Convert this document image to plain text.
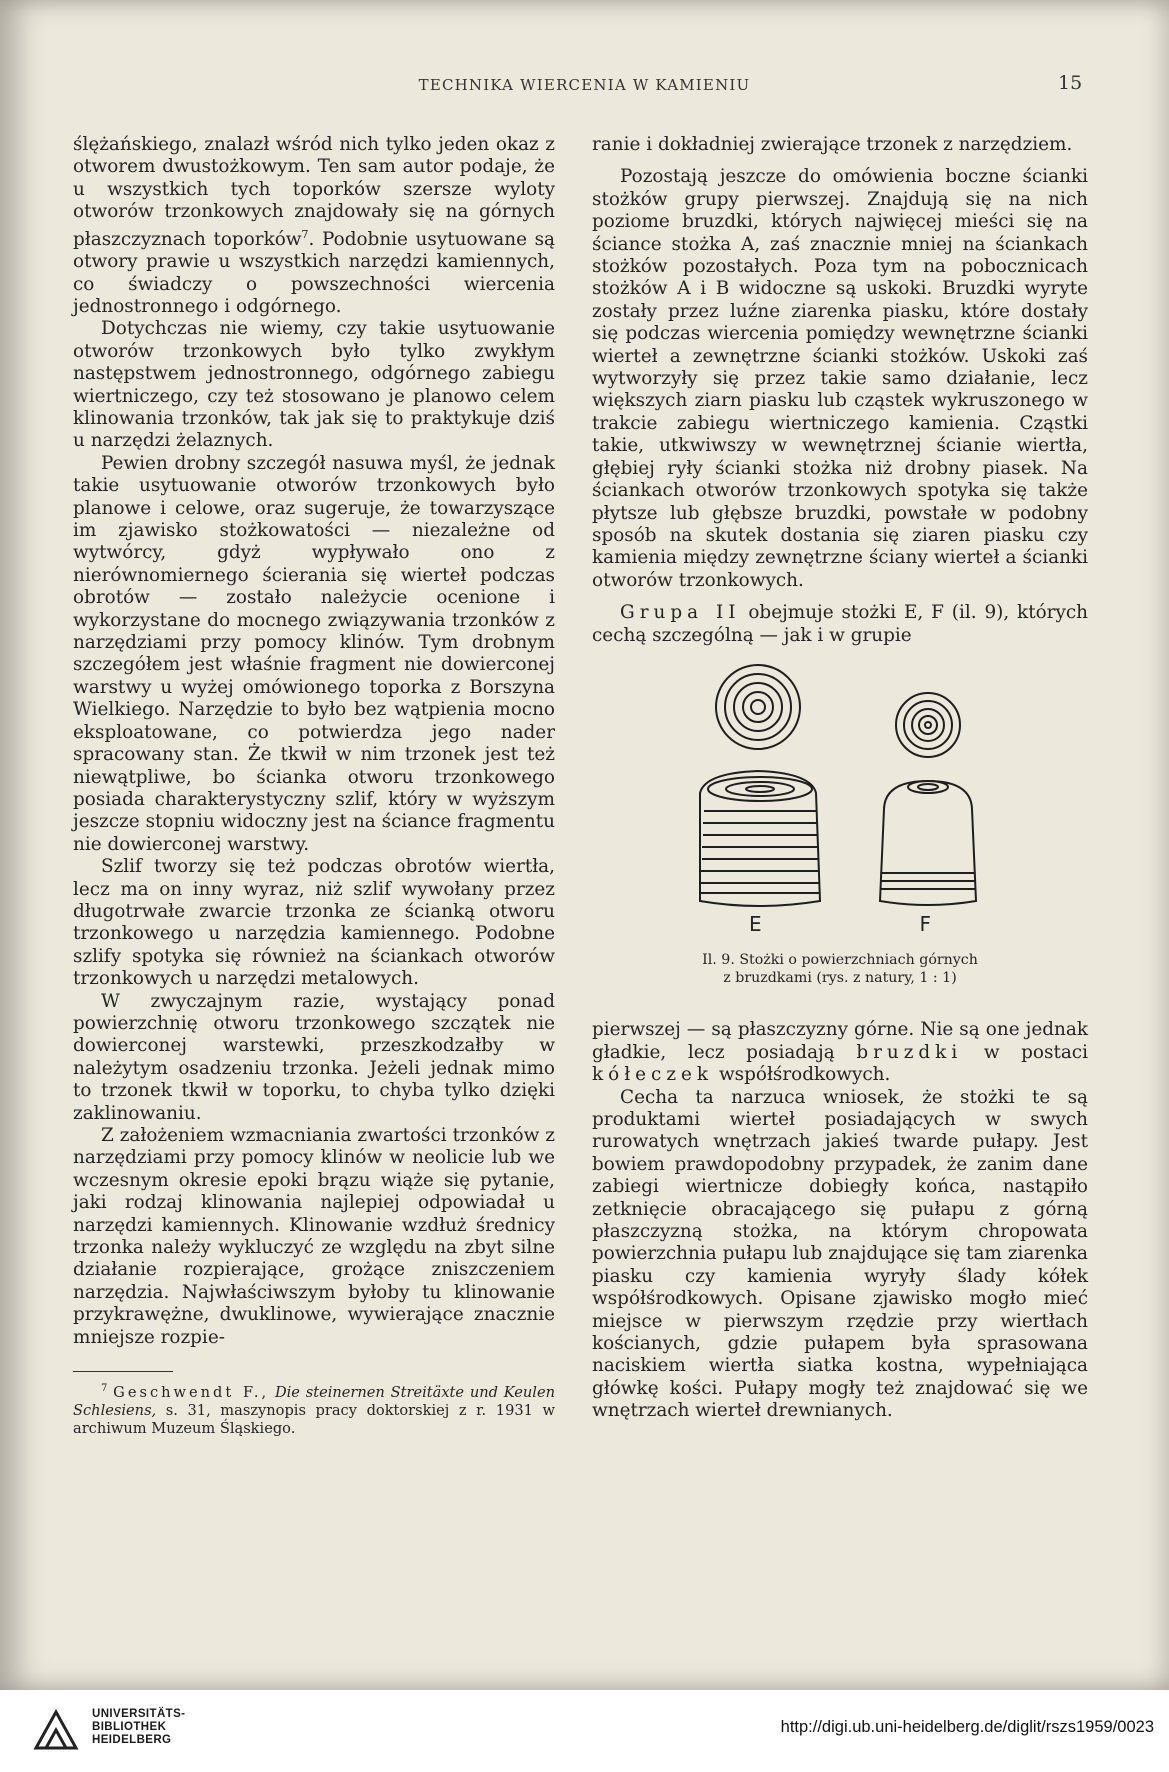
TECHNIKA WIERCENIA W KAMIENIU	15

ślężańskiego, znalazł wśród nich tylko jeden okaz z otworem dwustożkowym. Ten sam autor podaje, że u wszystkich tych toporków szersze wyloty otworów trzonkowych znajdowały się na górnych płaszczyznach toporków$^7$. Podobnie usytuowane są otwory prawie u wszystkich narzędzi kamiennych, co świadczy o powszechności wiercenia jednostronnego i odgórnego.

Dotychczas nie wiemy, czy takie usytuowanie otworów trzonkowych było tylko zwykłym następstwem jednostronnego, odgórnego zabiegu wiertniczego, czy też stosowano je planowo celem klinowania trzonków, tak jak się to praktykuje dziś u narzędzi żelaznych.

Pewien drobny szczegół nasuwa myśl, że jednak takie usytuowanie otworów trzonkowych było planowe i celowe, oraz sugeruje, że towarzyszące im zjawisko stożkowatości — niezależne od wytwórcy, gdyż wypływało ono z nierównomiernego ścierania się wierteł podczas obrotów — zostało należycie ocenione i wykorzystane do mocnego związywania trzonków z narzędziami przy pomocy klinów. Tym drobnym szczegółem jest właśnie fragment nie dowierconej warstwy u wyżej omówionego toporka z Borszyna Wielkiego. Narzędzie to było bez wątpienia mocno eksploatowane, co potwierdza jego nader spracowany stan. Że tkwił w nim trzonek jest też niewątpliwe, bo ścianka otworu trzonkowego posiada charakterystyczny szlif, który w wyższym jeszcze stopniu widoczny jest na ściance fragmentu nie dowierconej warstwy.

Szlif tworzy się też podczas obrotów wiertła, lecz ma on inny wyraz, niż szlif wywołany przez długotrwałe zwarcie trzonka ze ścianką otworu trzonkowego u narzędzia kamiennego. Podobne szlify spotyka się również na ściankach otworów trzonkowych u narzędzi metalowych.

W zwyczajnym razie, wystający ponad powierzchnię otworu trzonkowego szczątek nie dowierconej warstewki, przeszkodzałby w należytym osadzeniu trzonka. Jeżeli jednak mimo to trzonek tkwił w toporku, to chyba tylko dzięki zaklinowaniu.

Z założeniem wzmacniania zwartości trzonków z narzędziami przy pomocy klinów w neolicie lub we wczesnym okresie epoki brązu wiąże się pytanie, jaki rodzaj klinowania najlepiej odpowiadał u narzędzi kamiennych. Klinowanie wzdłuż średnicy trzonka należy wykluczyć ze względu na zbyt silne działanie rozpierające, grożące zniszczeniem narzędzia. Najwłaściwszym byłoby tu klinowanie przykrawężne, dwuklinowe, wywierające znacznie mniejsze rozpie-

$^7$ Geschwendt F., Die steinernen Streitäxte und Keulen Schlesiens, s. 31, maszynopis pracy doktorskiej z r. 1931 w archiwum Muzeum Śląskiego.

ranie i dokładniej zwierające trzonek z narzędziem.

Pozostają jeszcze do omówienia boczne ścianki stożków grupy pierwszej. Znajdują się na nich poziome bruzdki, których najwięcej mieści się na ściance stożka A, zaś znacznie mniej na ściankach stożków pozostałych. Poza tym na pobocznicach stożków A i B widoczne są uskoki. Bruzdki wyryte zostały przez luźne ziarenka piasku, które dostały się podczas wiercenia pomiędzy wewnętrzne ścianki wierteł a zewnętrzne ścianki stożków. Uskoki zaś wytworzyły się przez takie samo działanie, lecz większych ziarn piasku lub cząstek wykruszonego w trakcie zabiegu wiertniczego kamienia. Cząstki takie, utkwiwszy w wewnętrznej ścianie wiertła, głębiej ryły ścianki stożka niż drobny piasek. Na ściankach otworów trzonkowych spotyka się także płytsze lub głębsze bruzdki, powstałe w podobny sposób na skutek dostania się ziaren piasku czy kamienia między zewnętrzne ściany wierteł a ścianki otworów trzonkowych.

Grupa II obejmuje stożki E, F (il. 9), których cechą szczególną — jak i w grupie

E	F
Il. 9. Stożki o powierzchniach górnych
z bruzdkami (rys. z natury, 1 : 1)

pierwszej — są płaszczyzny górne. Nie są one jednak gładkie, lecz posiadają bruzdki w postaci kółeczek współśrodkowych.

Cecha ta narzuca wniosek, że stożki te są produktami wierteł posiadających w swych rurowatych wnętrzach jakieś twarde pułapy. Jest bowiem prawdopodobny przypadek, że zanim dane zabiegi wiertnicze dobiegły końca, nastąpiło zetknięcie obracającego się pułapu z górną płaszczyzną stożka, na którym chropowata powierzchnia pułapu lub znajdujące się tam ziarenka piasku czy kamienia wyryły ślady kółek współśrodkowych. Opisane zjawisko mogło mieć miejsce w pierwszym rzędzie przy wiertłach kościanych, gdzie pułapem była sprasowana naciskiem wiertła siatka kostna, wypełniająca główkę kości. Pułapy mogły też znajdować się we wnętrzach wierteł drewnianych.

UNIVERSITÄTS-
BIBLIOTHEK
HEIDELBERG
http://digi.ub.uni-heidelberg.de/diglit/rszs1959/0023
